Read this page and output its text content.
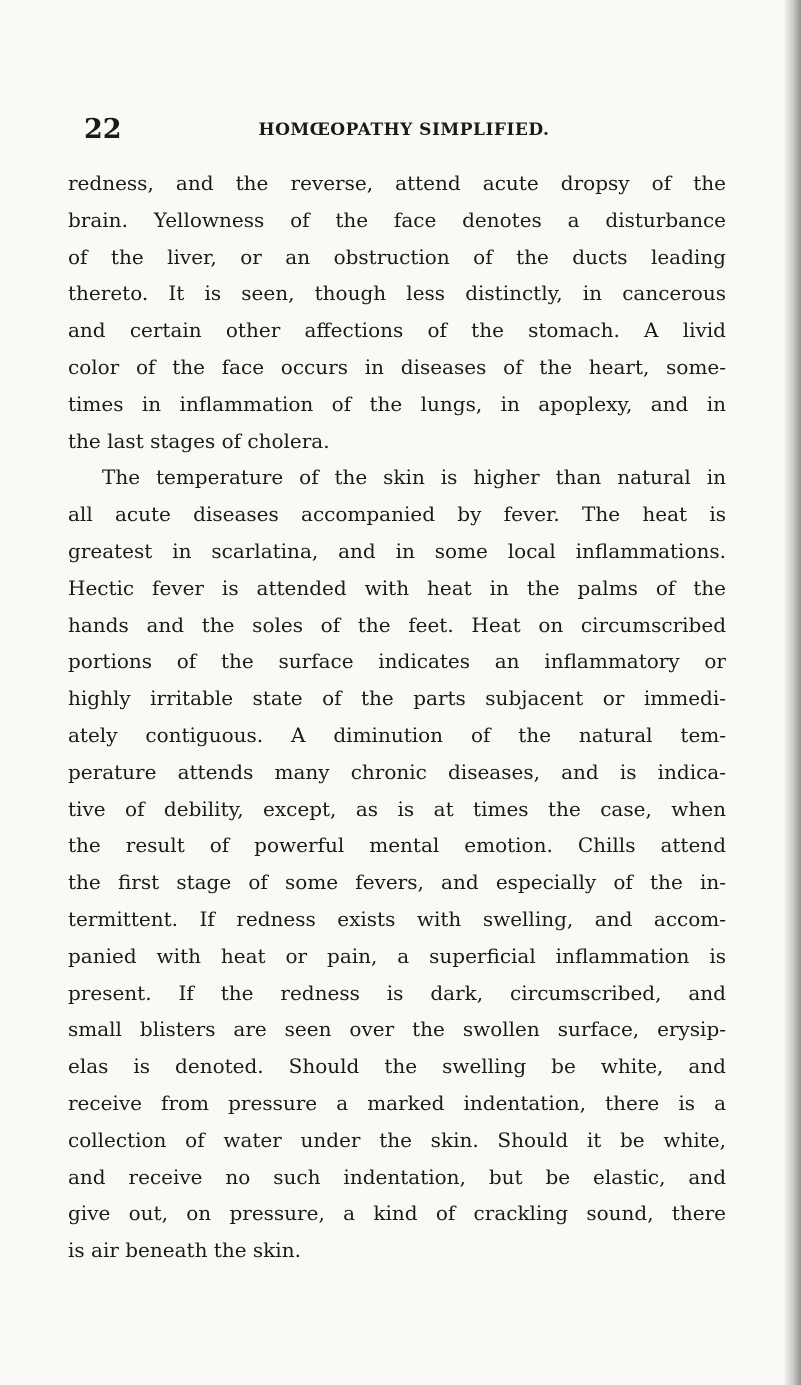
22	HOMŒOPATHY SIMPLIFIED.
redness, and the reverse, attend acute dropsy of the
brain. Yellowness of the face denotes a disturbance
of the liver, or an obstruction of the ducts leading
thereto. It is seen, though less distinctly, in cancerous
and certain other affections of the stomach. A livid
color of the face occurs in diseases of the heart, some-
times in inflammation of the lungs, in apoplexy, and in
the last stages of cholera.
The temperature of the skin is higher than natural in
all acute diseases accompanied by fever. The heat is
greatest in scarlatina, and in some local inflammations.
Hectic fever is attended with heat in the palms of the
hands and the soles of the feet. Heat on circumscribed
portions of the surface indicates an inflammatory or
highly irritable state of the parts subjacent or immedi-
ately contiguous. A diminution of the natural tem-
perature attends many chronic diseases, and is indica-
tive of debility, except, as is at times the case, when
the result of powerful mental emotion. Chills attend
the first stage of some fevers, and especially of the in-
termittent. If redness exists with swelling, and accom-
panied with heat or pain, a superficial inflammation is
present. If the redness is dark, circumscribed, and
small blisters are seen over the swollen surface, erysip-
elas is denoted. Should the swelling be white, and
receive from pressure a marked indentation, there is a
collection of water under the skin. Should it be white,
and receive no such indentation, but be elastic, and
give out, on pressure, a kind of crackling sound, there
is air beneath the skin.
